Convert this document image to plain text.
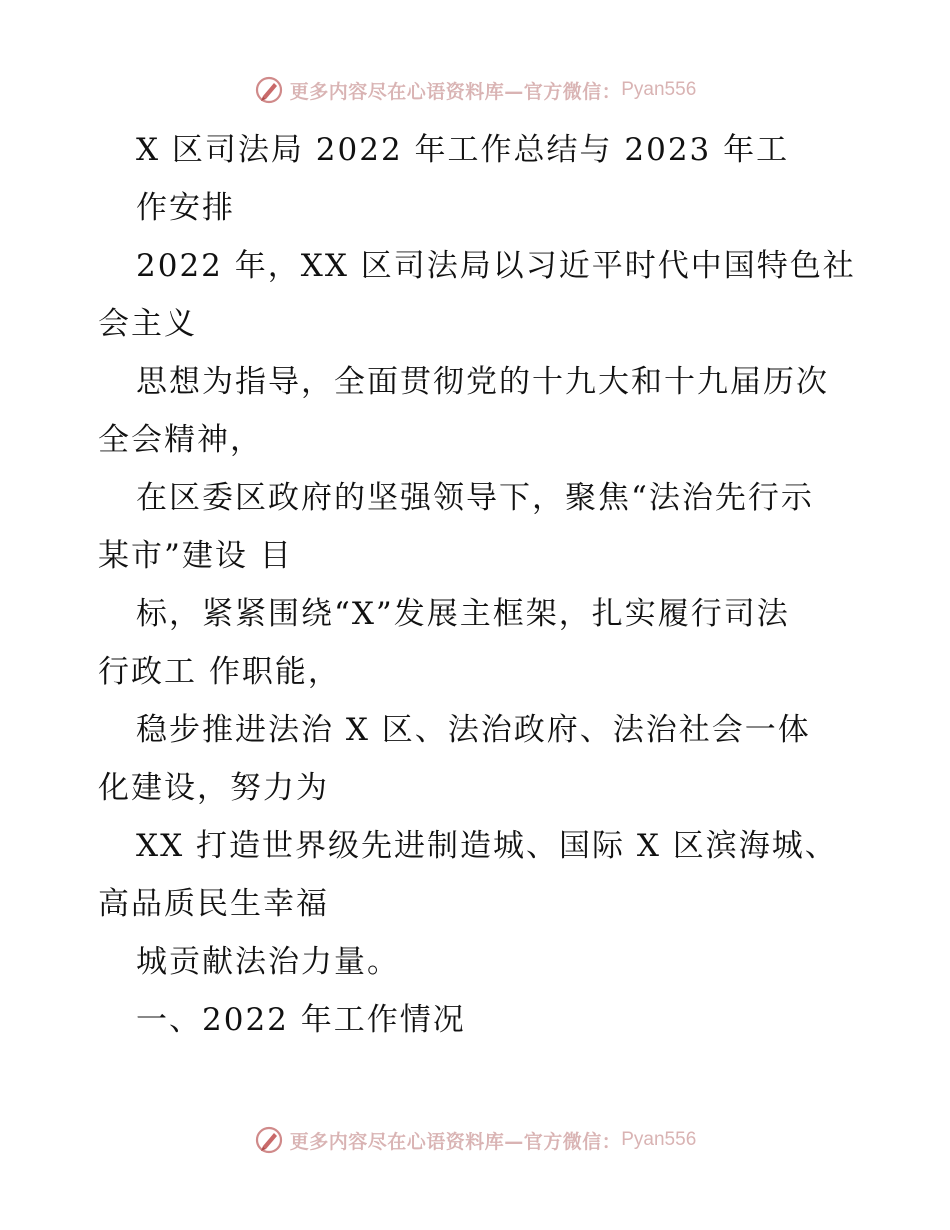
更多内容尽在心语资料库—官方微信： Pyan556
X 区司法局 2022 年工作总结与 2023 年工
作安排
2022 年，XX 区司法局以习近平时代中国特色社
会主义
思想为指导，全面贯彻党的十九大和十九届历次
全会精神，
在区委区政府的坚强领导下，聚焦“法治先行示
某市”建设 目
标，紧紧围绕“X”发展主框架，扎实履行司法
行政工 作职能，
稳步推进法治 X 区、法治政府、法治社会一体
化建设，努力为
XX 打造世界级先进制造城、国际 X 区滨海城、
高品质民生幸福
城贡献法治力量。
一、2022 年工作情况
更多内容尽在心语资料库—官方微信： Pyan556
